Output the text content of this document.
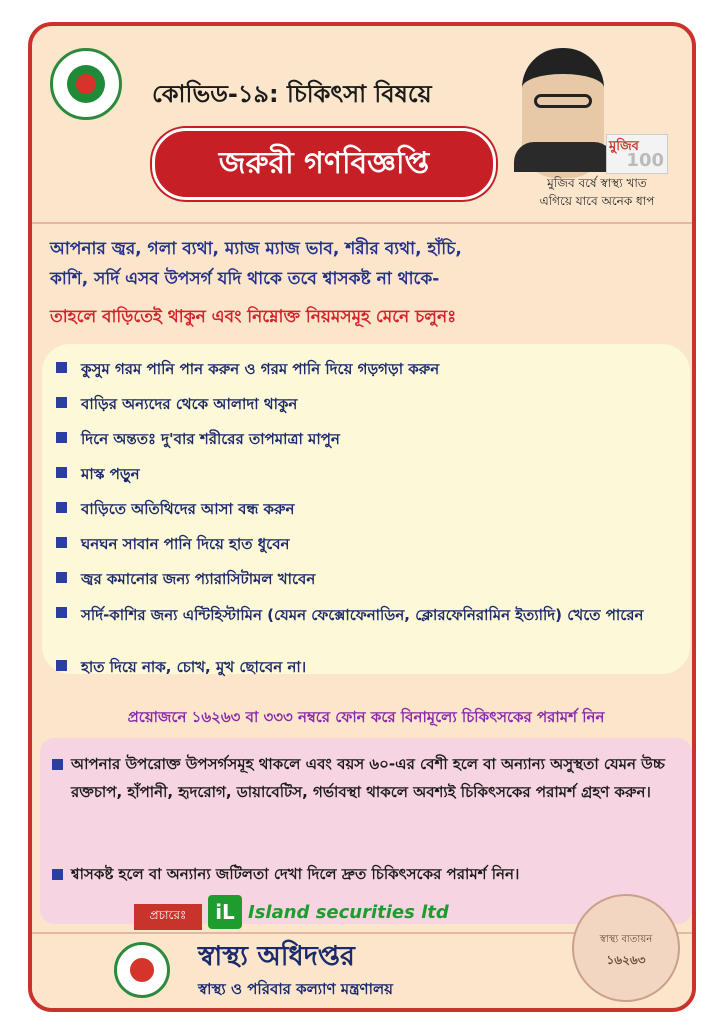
কোভিড-১৯: চিকিৎসা বিষয়ে
জরুরী গণবিজ্ঞপ্তি	মুজিব
100
মুজিব বর্ষে স্বাস্থ্য খাত
এগিয়ে যাবে অনেক ধাপ
আপনার জ্বর, গলা ব্যথা, ম্যাজ ম্যাজ ভাব, শরীর ব্যথা, হাঁচি,
কাশি, সর্দি এসব উপসর্গ যদি থাকে তবে শ্বাসকষ্ট না থাকে-
তাহলে বাড়িতেই থাকুন এবং নিম্নোক্ত নিয়মসমূহ মেনে চলুনঃ
কুসুম গরম পানি পান করুন ও গরম পানি দিয়ে গড়গড়া করুন
বাড়ির অন্যদের থেকে আলাদা থাকুন
দিনে অন্ততঃ দু'বার শরীরের তাপমাত্রা মাপুন
মাস্ক পড়ুন
বাড়িতে অতিথিদের আসা বন্ধ করুন
ঘনঘন সাবান পানি দিয়ে হাত ধুবেন
জ্বর কমানোর জন্য প্যারাসিটামল খাবেন
সর্দি-কাশির জন্য এন্টিহিস্টামিন (যেমন ফেক্সোফেনাডিন, ক্লোরফেনিরামিন ইত্যাদি) খেতে পারেন
হাত দিয়ে নাক, চোখ, মুখ ছোবেন না।
প্রয়োজনে ১৬২৬৩ বা ৩৩৩ নম্বরে ফোন করে বিনামূল্যে চিকিৎসকের পরামর্শ নিন
আপনার উপরোক্ত উপসর্গসমূহ থাকলে এবং বয়স ৬০-এর বেশী হলে বা অন্যান্য অসুস্থতা যেমন উচ্চ রক্তচাপ, হাঁপানী, হৃদরোগ, ডায়াবেটিস, গর্ভাবস্থা থাকলে অবশ্যই চিকিৎসকের পরামর্শ গ্রহণ করুন।
শ্বাসকষ্ট হলে বা অন্যান্য জটিলতা দেখা দিলে দ্রুত চিকিৎসকের পরামর্শ নিন।
প্রচারেঃ	iL Island securities ltd
স্বাস্থ্য অধিদপ্তর
স্বাস্থ্য ও পরিবার কল্যাণ মন্ত্রণালয়
স্বাস্থ্য বাতায়ন
১৬২৬৩
